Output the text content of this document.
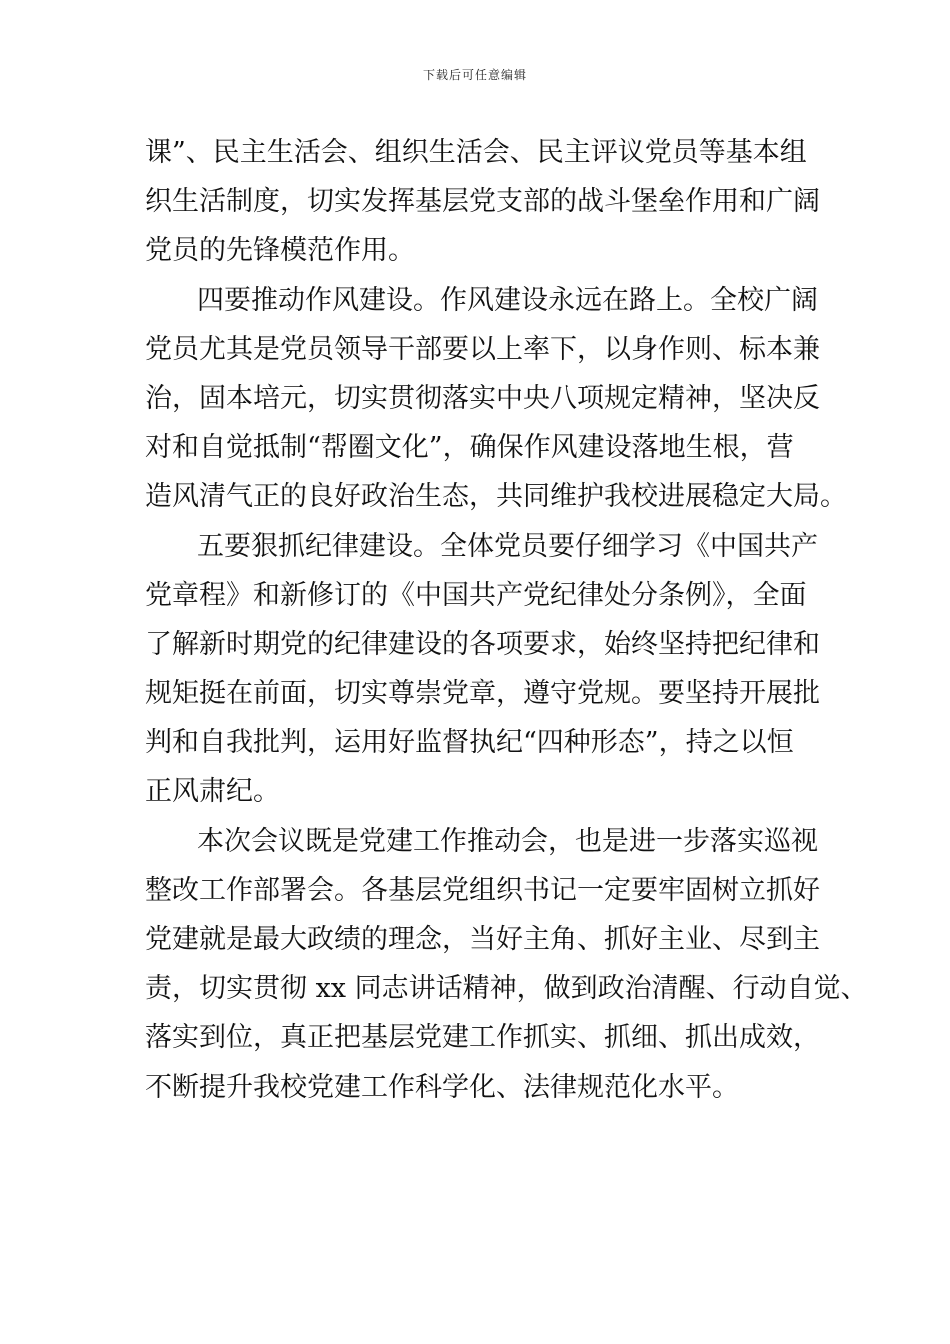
下载后可任意编辑
课”、民主生活会、组织生活会、民主评议党员等基本组
织生活制度，切实发挥基层党支部的战斗堡垒作用和广阔
党员的先锋模范作用。
四要推动作风建设。作风建设永远在路上。全校广阔
党员尤其是党员领导干部要以上率下，以身作则、标本兼
治，固本培元，切实贯彻落实中央八项规定精神，坚决反
对和自觉抵制“帮圈文化”，确保作风建设落地生根，营
造风清气正的良好政治生态，共同维护我校进展稳定大局。
五要狠抓纪律建设。全体党员要仔细学习《中国共产
党章程》和新修订的《中国共产党纪律处分条例》，全面
了解新时期党的纪律建设的各项要求，始终坚持把纪律和
规矩挺在前面，切实尊崇党章，遵守党规。要坚持开展批
判和自我批判，运用好监督执纪“四种形态”，持之以恒
正风肃纪。
本次会议既是党建工作推动会，也是进一步落实巡视
整改工作部署会。各基层党组织书记一定要牢固树立抓好
党建就是最大政绩的理念，当好主角、抓好主业、尽到主
责，切实贯彻 xx 同志讲话精神，做到政治清醒、行动自觉、
落实到位，真正把基层党建工作抓实、抓细、抓出成效，
不断提升我校党建工作科学化、法律规范化水平。
